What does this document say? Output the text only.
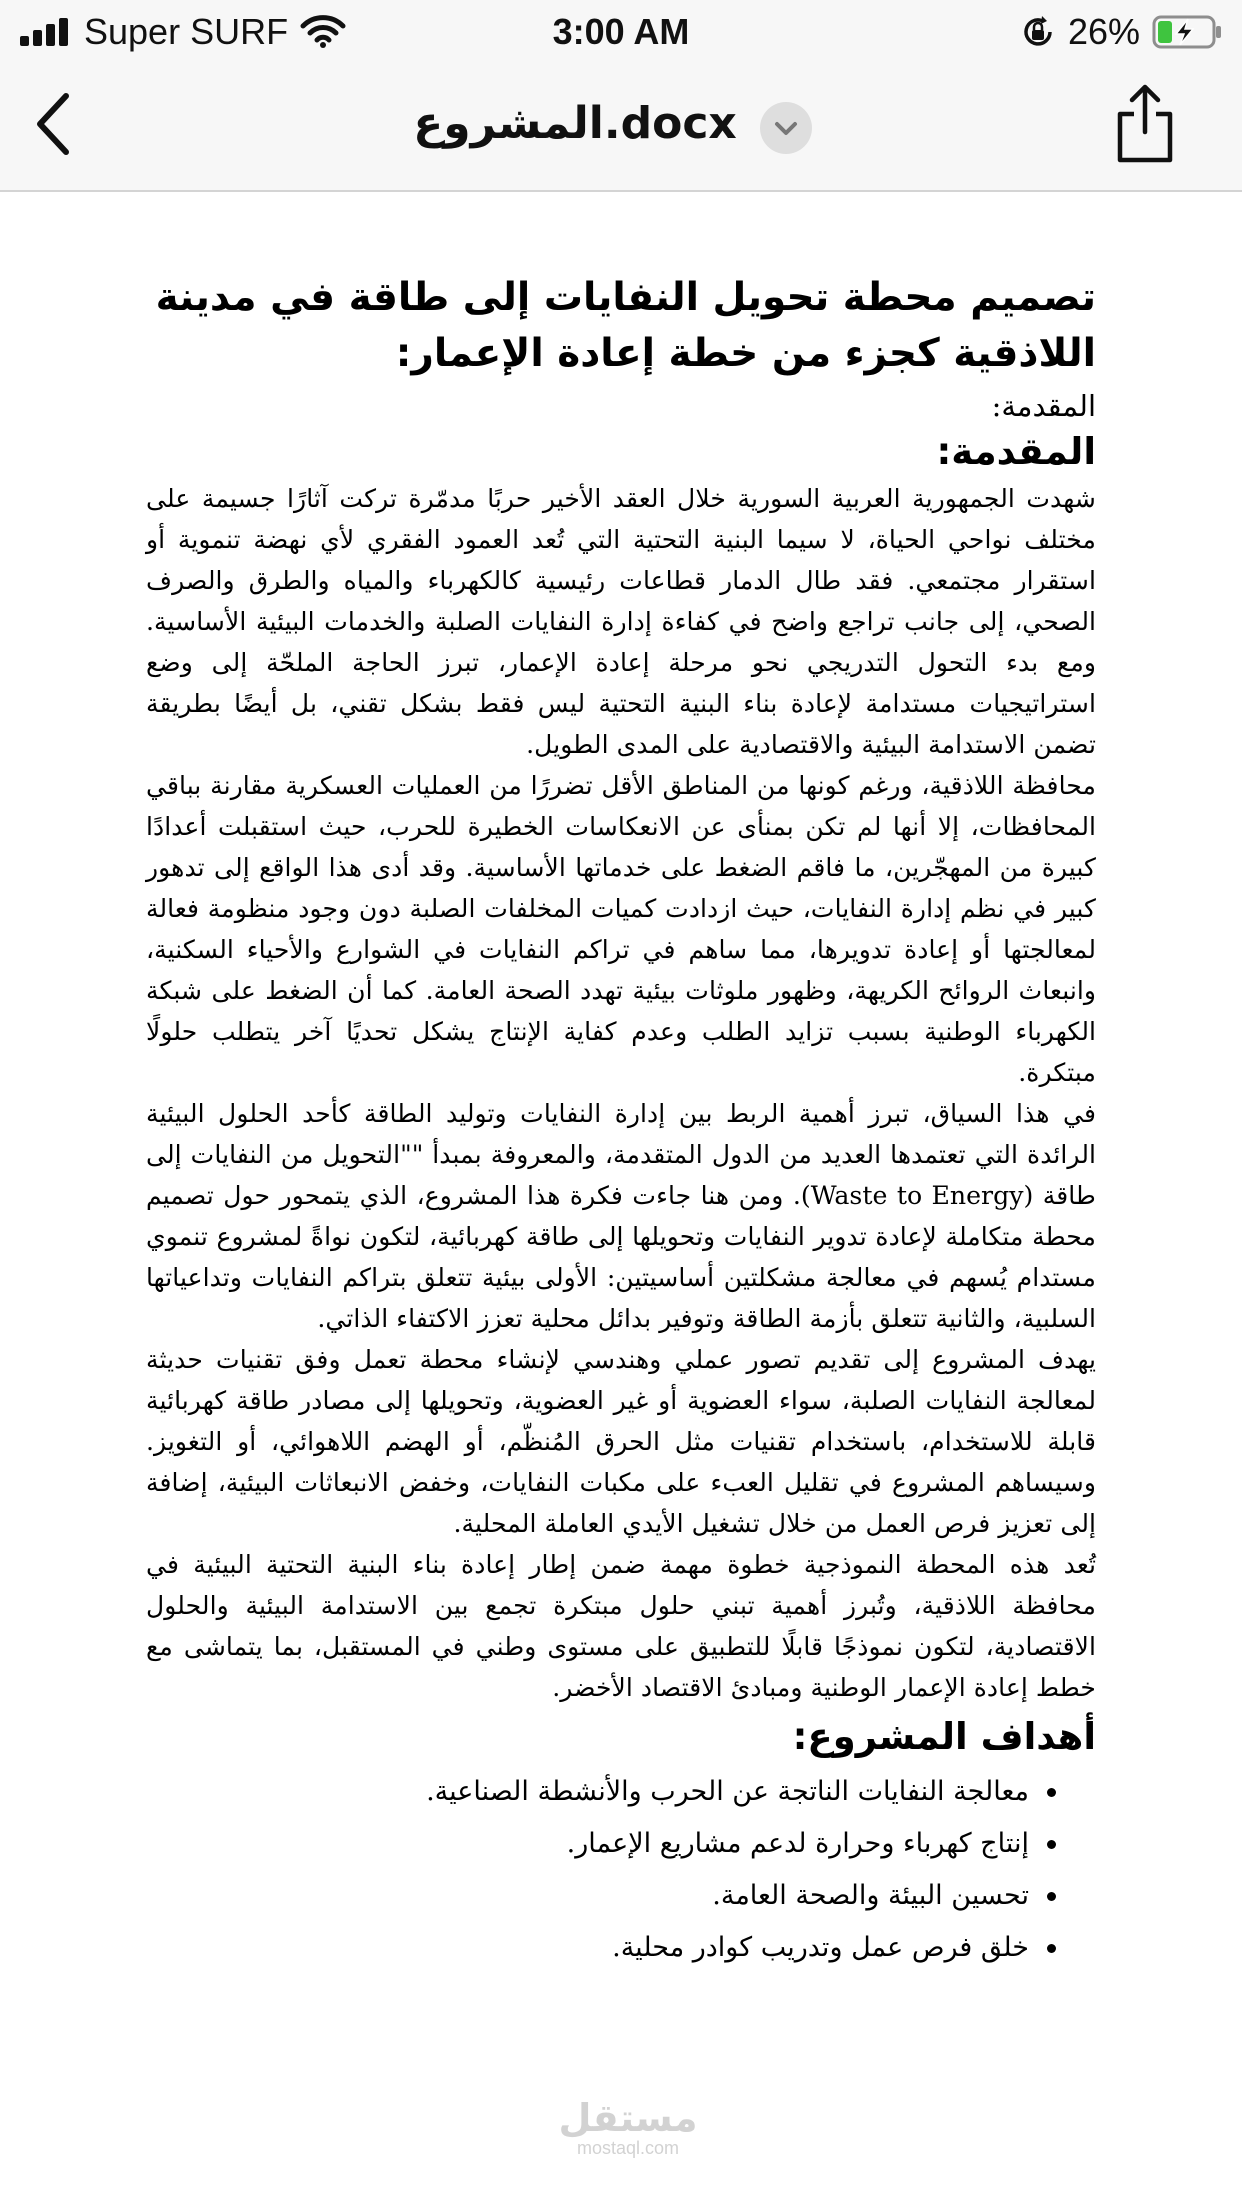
Super SURF	3:00 AM	26%
المشروع.docx
تصميم محطة تحويل النفايات إلى طاقة في مدينة اللاذقية كجزء من خطة إعادة الإعمار:

المقدمة:

المقدمة:

شهدت الجمهورية العربية السورية خلال العقد الأخير حربًا مدمّرة تركت آثارًا جسيمة على مختلف نواحي الحياة، لا سيما البنية التحتية التي تُعد العمود الفقري لأي نهضة تنموية أو استقرار مجتمعي. فقد طال الدمار قطاعات رئيسية كالكهرباء والمياه والطرق والصرف الصحي، إلى جانب تراجع واضح في كفاءة إدارة النفايات الصلبة والخدمات البيئية الأساسية. ومع بدء التحول التدريجي نحو مرحلة إعادة الإعمار، تبرز الحاجة الملحّة إلى وضع استراتيجيات مستدامة لإعادة بناء البنية التحتية ليس فقط بشكل تقني، بل أيضًا بطريقة تضمن الاستدامة البيئية والاقتصادية على المدى الطويل.

محافظة اللاذقية، ورغم كونها من المناطق الأقل تضررًا من العمليات العسكرية مقارنة بباقي المحافظات، إلا أنها لم تكن بمنأى عن الانعكاسات الخطيرة للحرب، حيث استقبلت أعدادًا كبيرة من المهجّرين، ما فاقم الضغط على خدماتها الأساسية. وقد أدى هذا الواقع إلى تدهور كبير في نظم إدارة النفايات، حيث ازدادت كميات المخلفات الصلبة دون وجود منظومة فعالة لمعالجتها أو إعادة تدويرها، مما ساهم في تراكم النفايات في الشوارع والأحياء السكنية، وانبعاث الروائح الكريهة، وظهور ملوثات بيئية تهدد الصحة العامة. كما أن الضغط على شبكة الكهرباء الوطنية بسبب تزايد الطلب وعدم كفاية الإنتاج يشكل تحديًا آخر يتطلب حلولًا مبتكرة.

في هذا السياق، تبرز أهمية الربط بين إدارة النفايات وتوليد الطاقة كأحد الحلول البيئية الرائدة التي تعتمدها العديد من الدول المتقدمة، والمعروفة بمبدأ ""التحويل من النفايات إلى طاقة (Waste to Energy). ومن هنا جاءت فكرة هذا المشروع، الذي يتمحور حول تصميم محطة متكاملة لإعادة تدوير النفايات وتحويلها إلى طاقة كهربائية، لتكون نواةً لمشروع تنموي مستدام يُسهم في معالجة مشكلتين أساسيتين: الأولى بيئية تتعلق بتراكم النفايات وتداعياتها السلبية، والثانية تتعلق بأزمة الطاقة وتوفير بدائل محلية تعزز الاكتفاء الذاتي.

يهدف المشروع إلى تقديم تصور عملي وهندسي لإنشاء محطة تعمل وفق تقنيات حديثة لمعالجة النفايات الصلبة، سواء العضوية أو غير العضوية، وتحويلها إلى مصادر طاقة كهربائية قابلة للاستخدام، باستخدام تقنيات مثل الحرق المُنظّم، أو الهضم اللاهوائي، أو التغويز. وسيساهم المشروع في تقليل العبء على مكبات النفايات، وخفض الانبعاثات البيئية، إضافة إلى تعزيز فرص العمل من خلال تشغيل الأيدي العاملة المحلية.

تُعد هذه المحطة النموذجية خطوة مهمة ضمن إطار إعادة بناء البنية التحتية البيئية في محافظة اللاذقية، وتُبرز أهمية تبني حلول مبتكرة تجمع بين الاستدامة البيئية والحلول الاقتصادية، لتكون نموذجًا قابلًا للتطبيق على مستوى وطني في المستقبل، بما يتماشى مع خطط إعادة الإعمار الوطنية ومبادئ الاقتصاد الأخضر.

أهداف المشروع:
معالجة النفايات الناتجة عن الحرب والأنشطة الصناعية.
إنتاج كهرباء وحرارة لدعم مشاريع الإعمار.
تحسين البيئة والصحة العامة.
خلق فرص عمل وتدريب كوادر محلية.
مستقل
mostaql.com
